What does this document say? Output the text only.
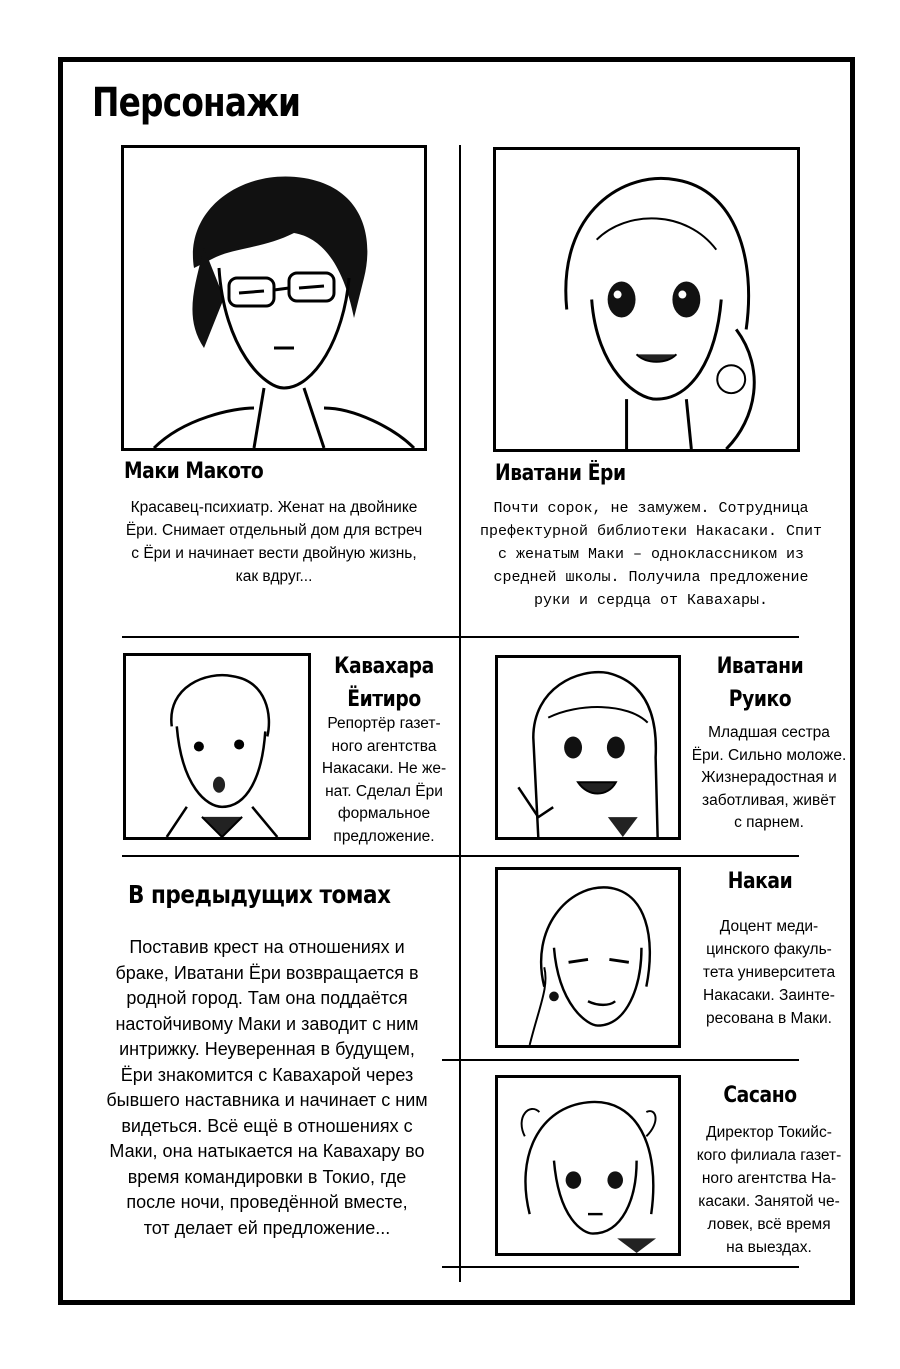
Персонажи
Маки Макото
Красавец-психиатр. Женат на двойнике
Ёри. Снимает отдельный дом для встреч
с Ёри и начинает вести двойную жизнь,
как вдруг...
Иватани Ёри
Почти сорок, не замужем. Сотрудница
префектурной библиотеки Накасаки. Спит
с женатым Маки – одноклассником из
средней школы. Получила предложение
руки и сердца от Кавахары.
Кавахара
Ёитиро
Репортёр газет-
ного агентства
Накасаки. Не же-
нат. Сделал Ёри
формальное
предложение.
Иватани
Руико
Младшая сестра
Ёри. Сильно моложе.
Жизнерадостная и
заботливая, живёт
с парнем.
В предыдущих томах
Поставив крест на отношениях и
браке, Иватани Ёри возвращается в
родной город. Там она поддаётся
настойчивому Маки и заводит с ним
интрижку. Неуверенная в будущем,
Ёри знакомится с Кавахарой через
бывшего наставника и начинает с ним
видеться. Всё ещё в отношениях с
Маки, она натыкается на Кавахару во
время командировки в Токио, где
после ночи, проведённой вместе,
тот делает ей предложение...
Накаи
Доцент меди-
цинского факуль-
тета университета
Накасаки. Заинте-
ресована в Маки.
Сасано
Директор Токийс-
кого филиала газет-
ного агентства На-
касаки. Занятой че-
ловек, всё время
на выездах.
